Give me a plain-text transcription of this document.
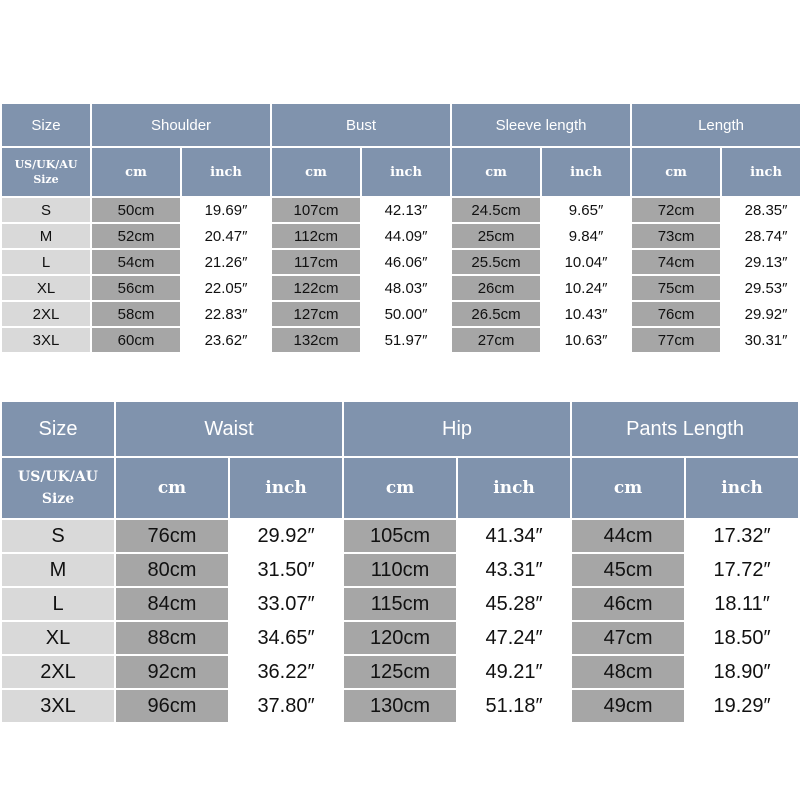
Size	Shoulder		Bust		Sleeve length		Length	
US/UK/AU
Size	cm	inch	cm	inch	cm	inch	cm	inch
S	50cm	19.69″	107cm	42.13″	24.5cm	9.65″	72cm	28.35″
M	52cm	20.47″	112cm	44.09″	25cm	9.84″	73cm	28.74″
L	54cm	21.26″	117cm	46.06″	25.5cm	10.04″	74cm	29.13″
XL	56cm	22.05″	122cm	48.03″	26cm	10.24″	75cm	29.53″
2XL	58cm	22.83″	127cm	50.00″	26.5cm	10.43″	76cm	29.92″
3XL	60cm	23.62″	132cm	51.97″	27cm	10.63″	77cm	30.31″
Size	Waist		Hip		Pants Length	
US/UK/AU
Size	cm	inch	cm	inch	cm	inch
S	76cm	29.92″	105cm	41.34″	44cm	17.32″
M	80cm	31.50″	110cm	43.31″	45cm	17.72″
L	84cm	33.07″	115cm	45.28″	46cm	18.11″
XL	88cm	34.65″	120cm	47.24″	47cm	18.50″
2XL	92cm	36.22″	125cm	49.21″	48cm	18.90″
3XL	96cm	37.80″	130cm	51.18″	49cm	19.29″
